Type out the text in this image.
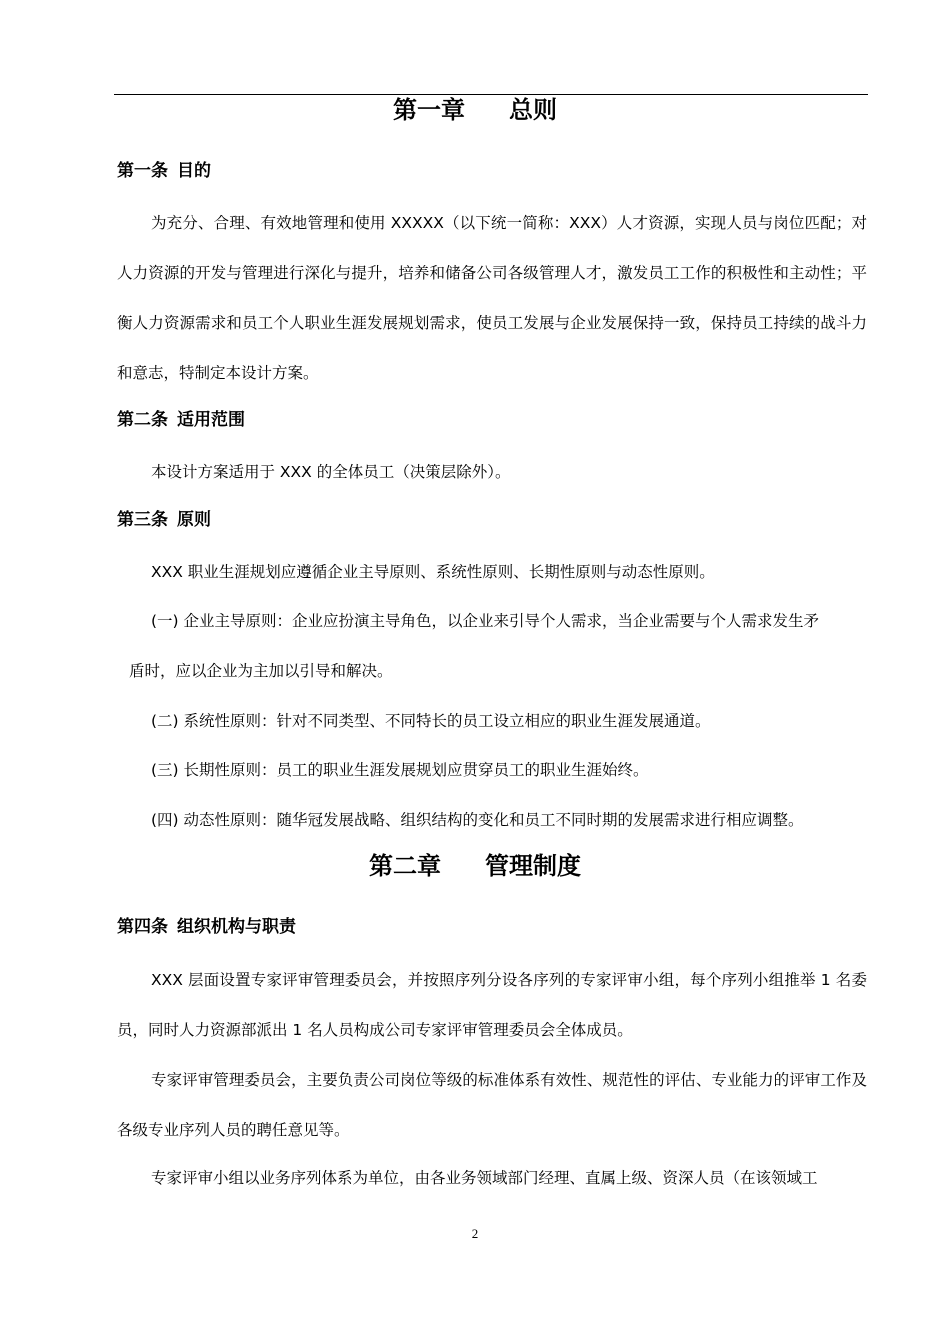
第一章 总则
第一条 目的

为充分、合理、有效地管理和使用 XXXXX（以下统一简称：XXX）人才资源，实现人员与岗位匹配；对人力资源的开发与管理进行深化与提升，培养和储备公司各级管理人才，激发员工工作的积极性和主动性；平衡人力资源需求和员工个人职业生涯发展规划需求，使员工发展与企业发展保持一致，保持员工持续的战斗力和意志，特制定本设计方案。

第二条 适用范围

本设计方案适用于 XXX 的全体员工（决策层除外）。

第三条 原则

XXX 职业生涯规划应遵循企业主导原则、系统性原则、长期性原则与动态性原则。

(一) 企业主导原则：企业应扮演主导角色，以企业来引导个人需求，当企业需要与个人需求发生矛

盾时，应以企业为主加以引导和解决。

(二) 系统性原则：针对不同类型、不同特长的员工设立相应的职业生涯发展通道。

(三) 长期性原则：员工的职业生涯发展规划应贯穿员工的职业生涯始终。

(四) 动态性原则：随华冠发展战略、组织结构的变化和员工不同时期的发展需求进行相应调整。

第二章 管理制度
第四条 组织机构与职责

XXX 层面设置专家评审管理委员会，并按照序列分设各序列的专家评审小组，每个序列小组推举 1 名委员，同时人力资源部派出 1 名人员构成公司专家评审管理委员会全体成员。

专家评审管理委员会，主要负责公司岗位等级的标准体系有效性、规范性的评估、专业能力的评审工作及各级专业序列人员的聘任意见等。

专家评审小组以业务序列体系为单位，由各业务领域部门经理、直属上级、资深人员（在该领域工

2
